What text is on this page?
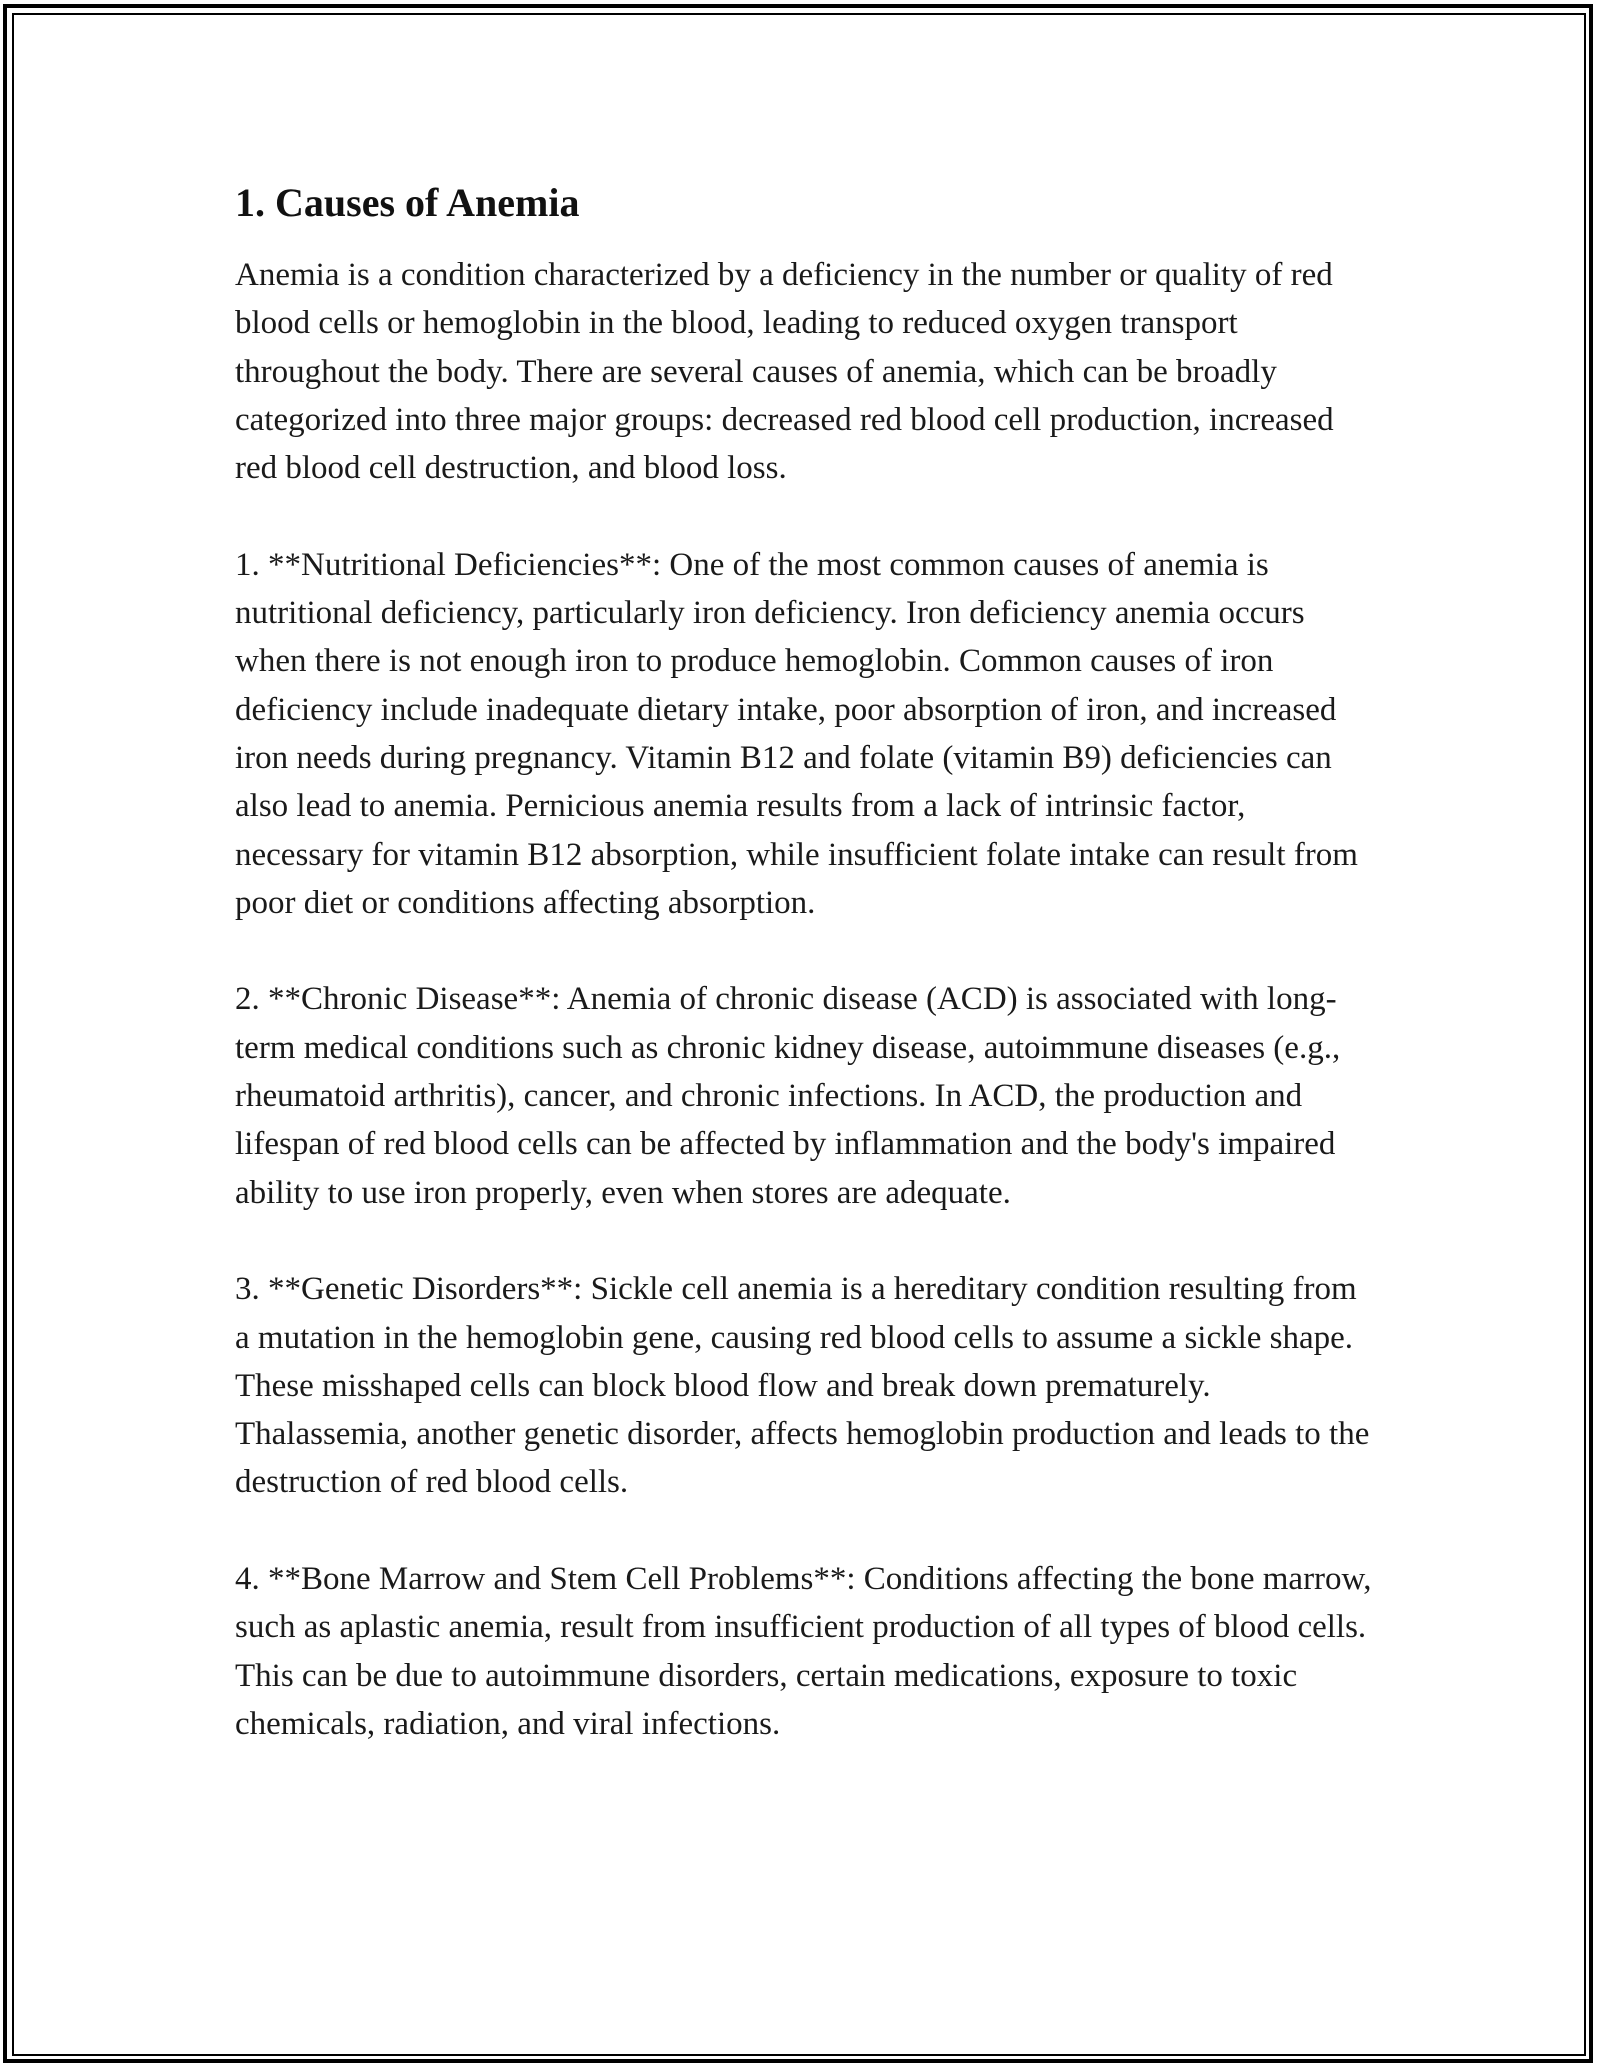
1. Causes of Anemia

Anemia is a condition characterized by a deficiency in the number or quality of red blood cells or hemoglobin in the blood, leading to reduced oxygen transport throughout the body. There are several causes of anemia, which can be broadly categorized into three major groups: decreased red blood cell production, increased red blood cell destruction, and blood loss.

1. **Nutritional Deficiencies**: One of the most common causes of anemia is nutritional deficiency, particularly iron deficiency. Iron deficiency anemia occurs when there is not enough iron to produce hemoglobin. Common causes of iron deficiency include inadequate dietary intake, poor absorption of iron, and increased iron needs during pregnancy. Vitamin B12 and folate (vitamin B9) deficiencies can also lead to anemia. Pernicious anemia results from a lack of intrinsic factor, necessary for vitamin B12 absorption, while insufficient folate intake can result from poor diet or conditions affecting absorption.

2. **Chronic Disease**: Anemia of chronic disease (ACD) is associated with long-term medical conditions such as chronic kidney disease, autoimmune diseases (e.g., rheumatoid arthritis), cancer, and chronic infections. In ACD, the production and lifespan of red blood cells can be affected by inflammation and the body's impaired ability to use iron properly, even when stores are adequate.

3. **Genetic Disorders**: Sickle cell anemia is a hereditary condition resulting from a mutation in the hemoglobin gene, causing red blood cells to assume a sickle shape. These misshaped cells can block blood flow and break down prematurely. Thalassemia, another genetic disorder, affects hemoglobin production and leads to the destruction of red blood cells.

4. **Bone Marrow and Stem Cell Problems**: Conditions affecting the bone marrow, such as aplastic anemia, result from insufficient production of all types of blood cells. This can be due to autoimmune disorders, certain medications, exposure to toxic chemicals, radiation, and viral infections.
